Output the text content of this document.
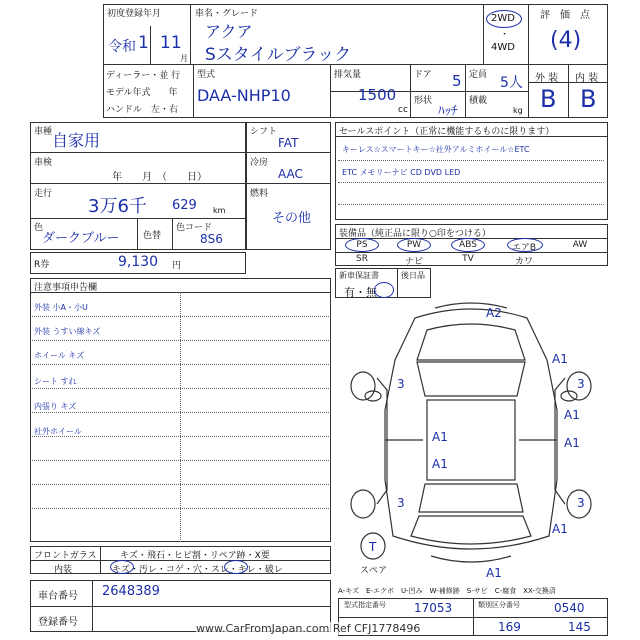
初度登録年月
令和 1 11
月
車名・グレード
アクア
Sスタイルブラック
2WD
・
4WD
評　価　点
(4)
ディーラー・並 行
モデル年式　　年
ハンドル　左・右
型式
DAA-NHP10
排気量
1500
cc
ドア 5
形状
ﾊｯﾁ
定員 5人
積載
kg
外 装 内 装
B B
車種 自家用
車検
年　　月　（　　日）
走行
3万6千 629 km
色
ダークブルー	色替
色コード
8S6
シフト
FAT
冷房
AAC
燃料
その他
R券	9,130 円
セールスポイント（正常に機能するものに限ります）
キーレス☆スマートキー☆社外アルミホイール☆ETC
ETC メモリーナビ CD DVD LED
装備品（純正品に限り○印をつける）
PS	PW	ABS	エアB	AW
SR	ナビ	TV	カワ
新車保証書
有・無
後日品
注意事項申告欄
外装 小A・小U
外装 うすい線キズ
ホイール キズ
シート すれ
内張り キズ
社外ホイール
A2
A1
3	3
A1
A1	A1
A1
3	3
A1
A1
T
スペア
フロントガラス	キズ・飛石・ヒビ割・リペア跡・X要
内装	キズ・汚レ・コゲ・穴・スレ・キレ・破レ
A-キズ　E-エクボ　U-凹み　W-補修跡　S-サビ　C-腐食　XX-交換済
車台番号 2648389
登録番号
型式指定番号 17053	類別区分番号	0540
169	145
www.CarFromJapan.com Ref CFJ1778496
